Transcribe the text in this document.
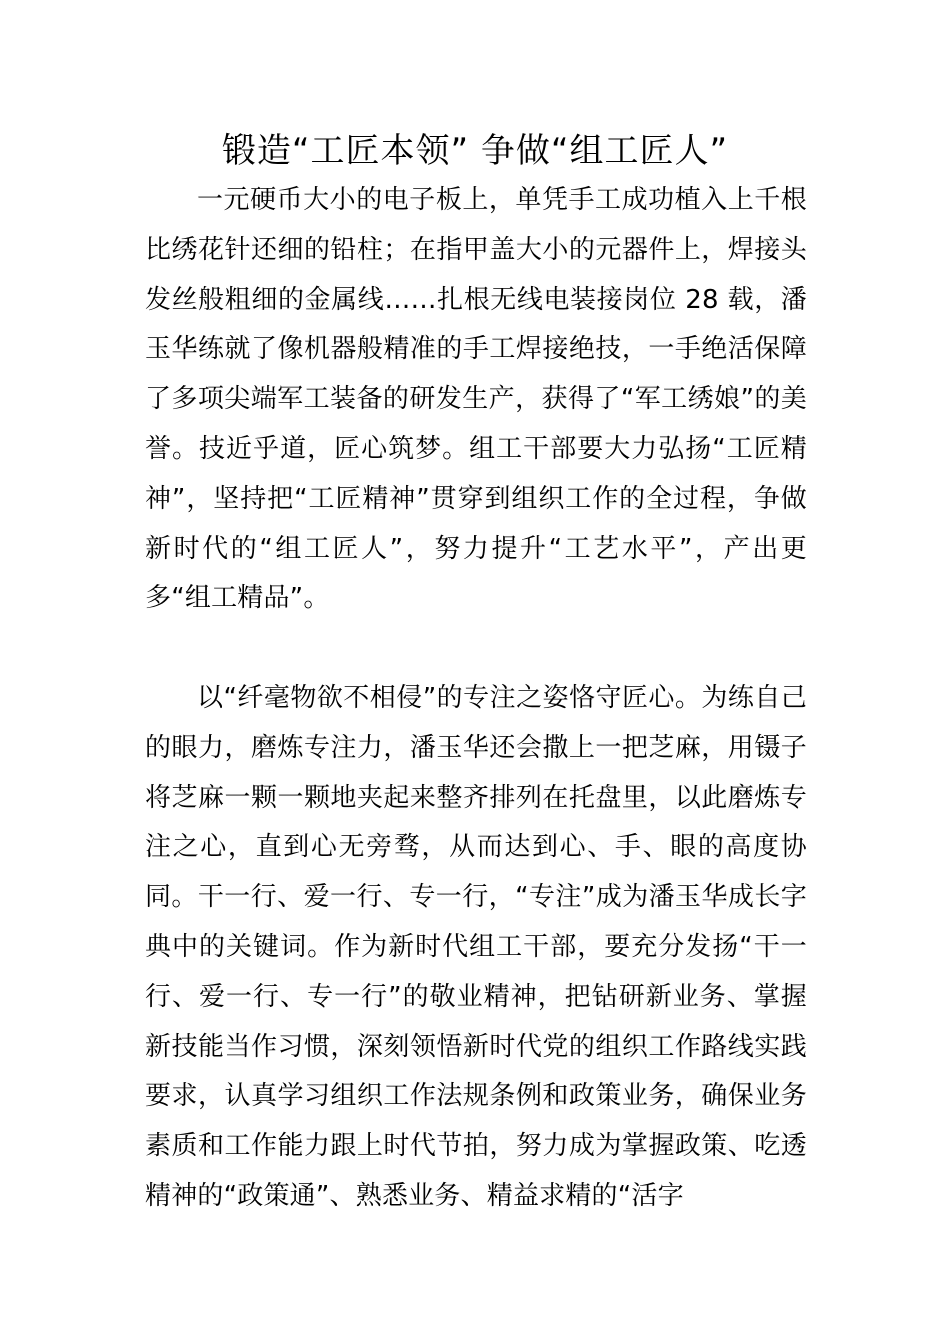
锻造“工匠本领” 争做“组工匠人”

一元硬币大小的电子板上，单凭手工成功植入上千根比绣花针还细的铅柱；在指甲盖大小的元器件上，焊接头发丝般粗细的金属线……扎根无线电装接岗位 28 载，潘玉华练就了像机器般精准的手工焊接绝技，一手绝活保障了多项尖端军工装备的研发生产，获得了“军工绣娘”的美誉。技近乎道，匠心筑梦。组工干部要大力弘扬“工匠精神”，坚持把“工匠精神”贯穿到组织工作的全过程，争做新时代的“组工匠人”，努力提升“工艺水平”，产出更多“组工精品”。

以“纤毫物欲不相侵”的专注之姿恪守匠心。为练自己的眼力，磨炼专注力，潘玉华还会撒上一把芝麻，用镊子将芝麻一颗一颗地夹起来整齐排列在托盘里，以此磨炼专注之心，直到心无旁骛，从而达到心、手、眼的高度协同。干一行、爱一行、专一行，“专注”成为潘玉华成长字典中的关键词。作为新时代组工干部，要充分发扬“干一行、爱一行、专一行”的敬业精神，把钻研新业务、掌握新技能当作习惯，深刻领悟新时代党的组织工作路线实践要求，认真学习组织工作法规条例和政策业务，确保业务素质和工作能力跟上时代节拍，努力成为掌握政策、吃透精神的“政策通”、熟悉业务、精益求精的“活字
